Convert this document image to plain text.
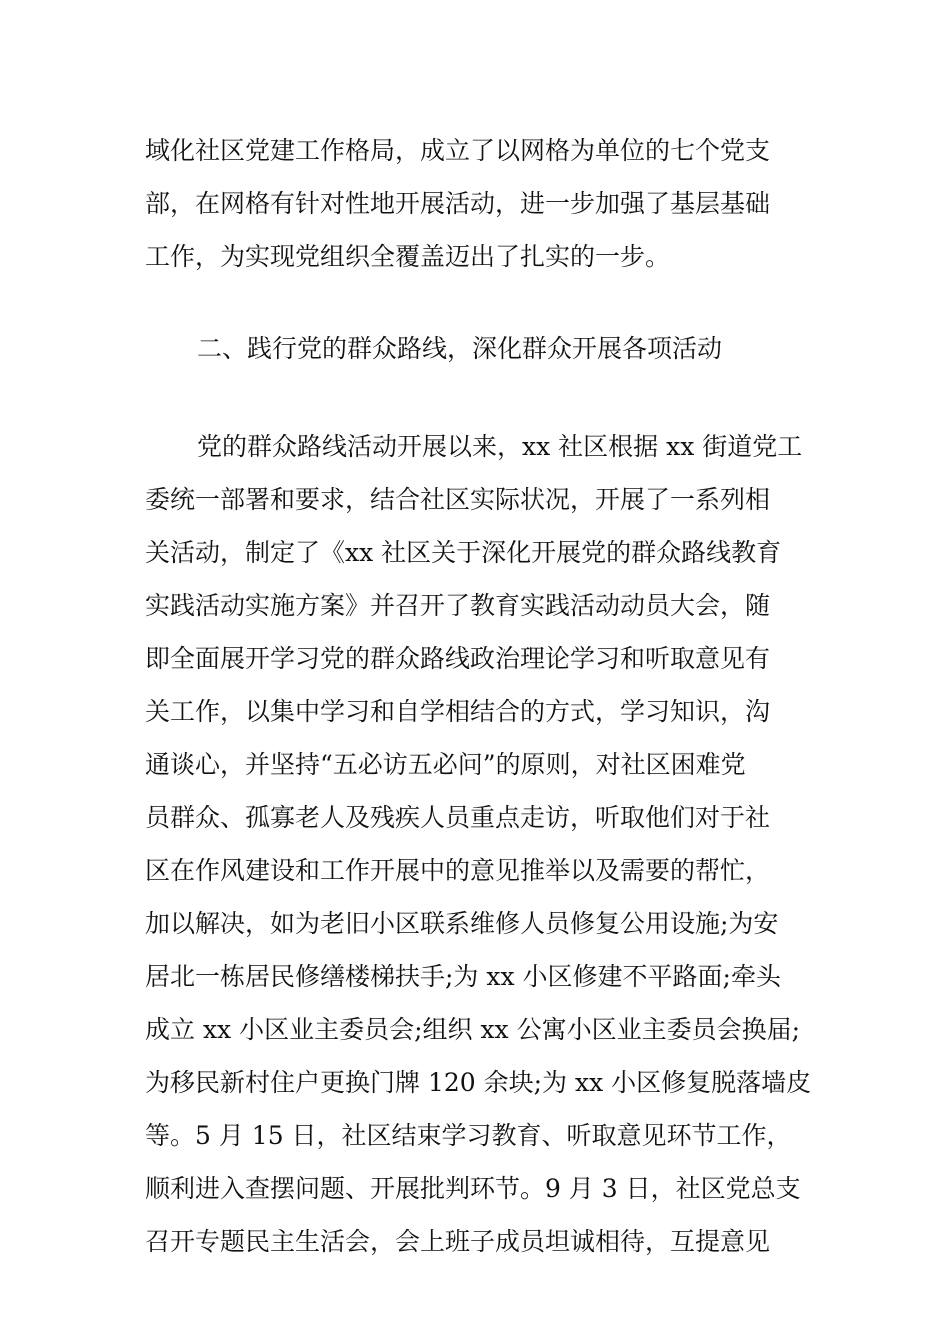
域化社区党建工作格局，成立了以网格为单位的七个党支
部，在网格有针对性地开展活动，进一步加强了基层基础
工作，为实现党组织全覆盖迈出了扎实的一步。
二、践行党的群众路线，深化群众开展各项活动
党的群众路线活动开展以来，xx 社区根据 xx 街道党工
委统一部署和要求，结合社区实际状况，开展了一系列相
关活动，制定了《xx 社区关于深化开展党的群众路线教育
实践活动实施方案》并召开了教育实践活动动员大会，随
即全面展开学习党的群众路线政治理论学习和听取意见有
关工作，以集中学习和自学相结合的方式，学习知识，沟
通谈心，并坚持“五必访五必问”的原则，对社区困难党
员群众、孤寡老人及残疾人员重点走访，听取他们对于社
区在作风建设和工作开展中的意见推举以及需要的帮忙，
加以解决，如为老旧小区联系维修人员修复公用设施;为安
居北一栋居民修缮楼梯扶手;为 xx 小区修建不平路面;牵头
成立 xx 小区业主委员会;组织 xx 公寓小区业主委员会换届;
为移民新村住户更换门牌 120 余块;为 xx 小区修复脱落墙皮
等。5 月 15 日，社区结束学习教育、听取意见环节工作，
顺利进入查摆问题、开展批判环节。9 月 3 日，社区党总支
召开专题民主生活会，会上班子成员坦诚相待，互提意见
